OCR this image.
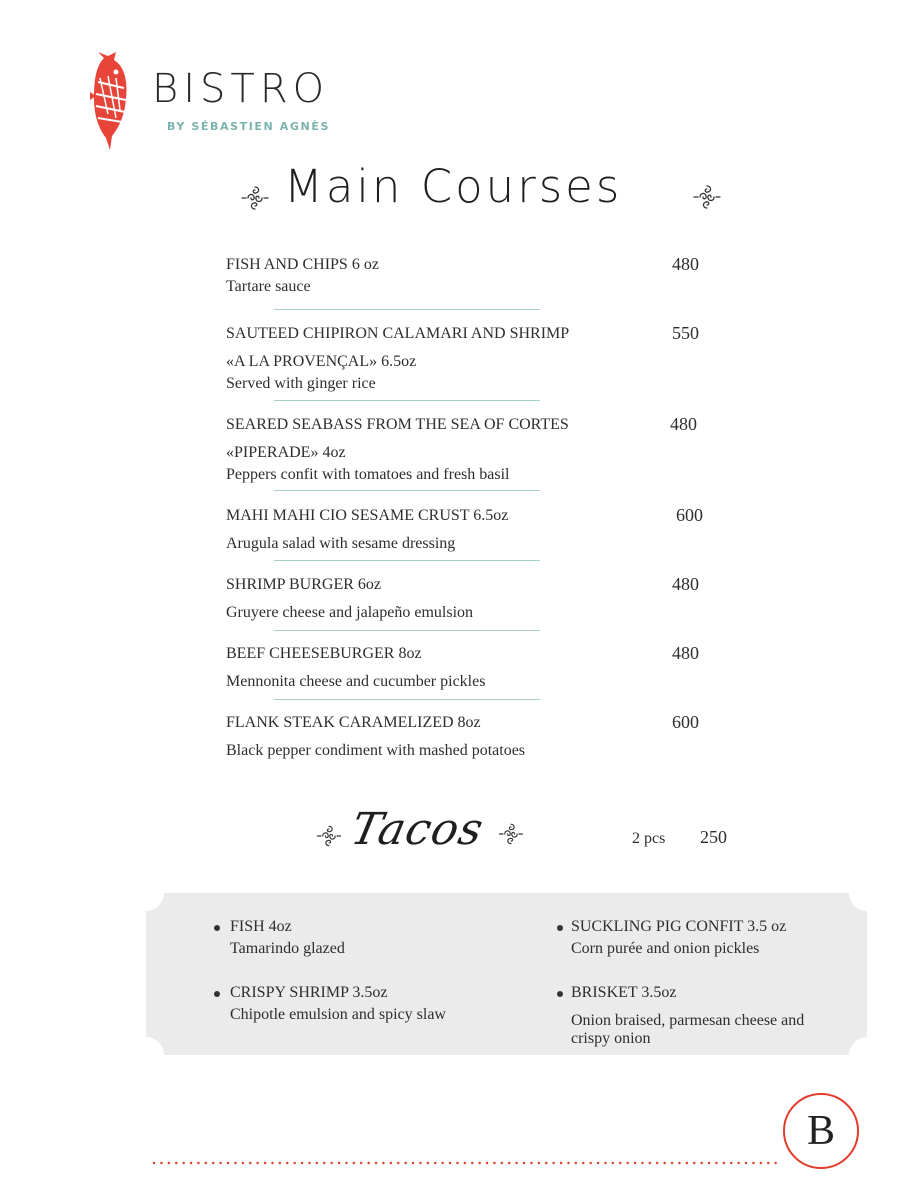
BISTRO
BY SÉBASTIEN AGNÈS
Main Courses
FISH AND CHIPS 6 oz
Tartare sauce
480
SAUTEED CHIPIRON CALAMARI AND SHRIMP
«A LA PROVENÇAL» 6.5oz
Served with ginger rice
550
SEARED SEABASS FROM THE SEA OF CORTES
«PIPERADE» 4oz
Peppers confit with tomatoes and fresh basil
480
MAHI MAHI CIO SESAME CRUST 6.5oz
Arugula salad with sesame dressing
600
SHRIMP BURGER 6oz
Gruyere cheese and jalapeño emulsion
480
BEEF CHEESEBURGER 8oz
Mennonita cheese and cucumber pickles
480
FLANK STEAK CARAMELIZED 8oz
Black pepper condiment with mashed potatoes
600
Tacos	2 pcs 250
FISH 4oz
Tamarindo glazed
CRISPY SHRIMP 3.5oz
Chipotle emulsion and spicy slaw
SUCKLING PIG CONFIT 3.5 oz
Corn purée and onion pickles
BRISKET 3.5oz
Onion braised, parmesan cheese and crispy onion
B
